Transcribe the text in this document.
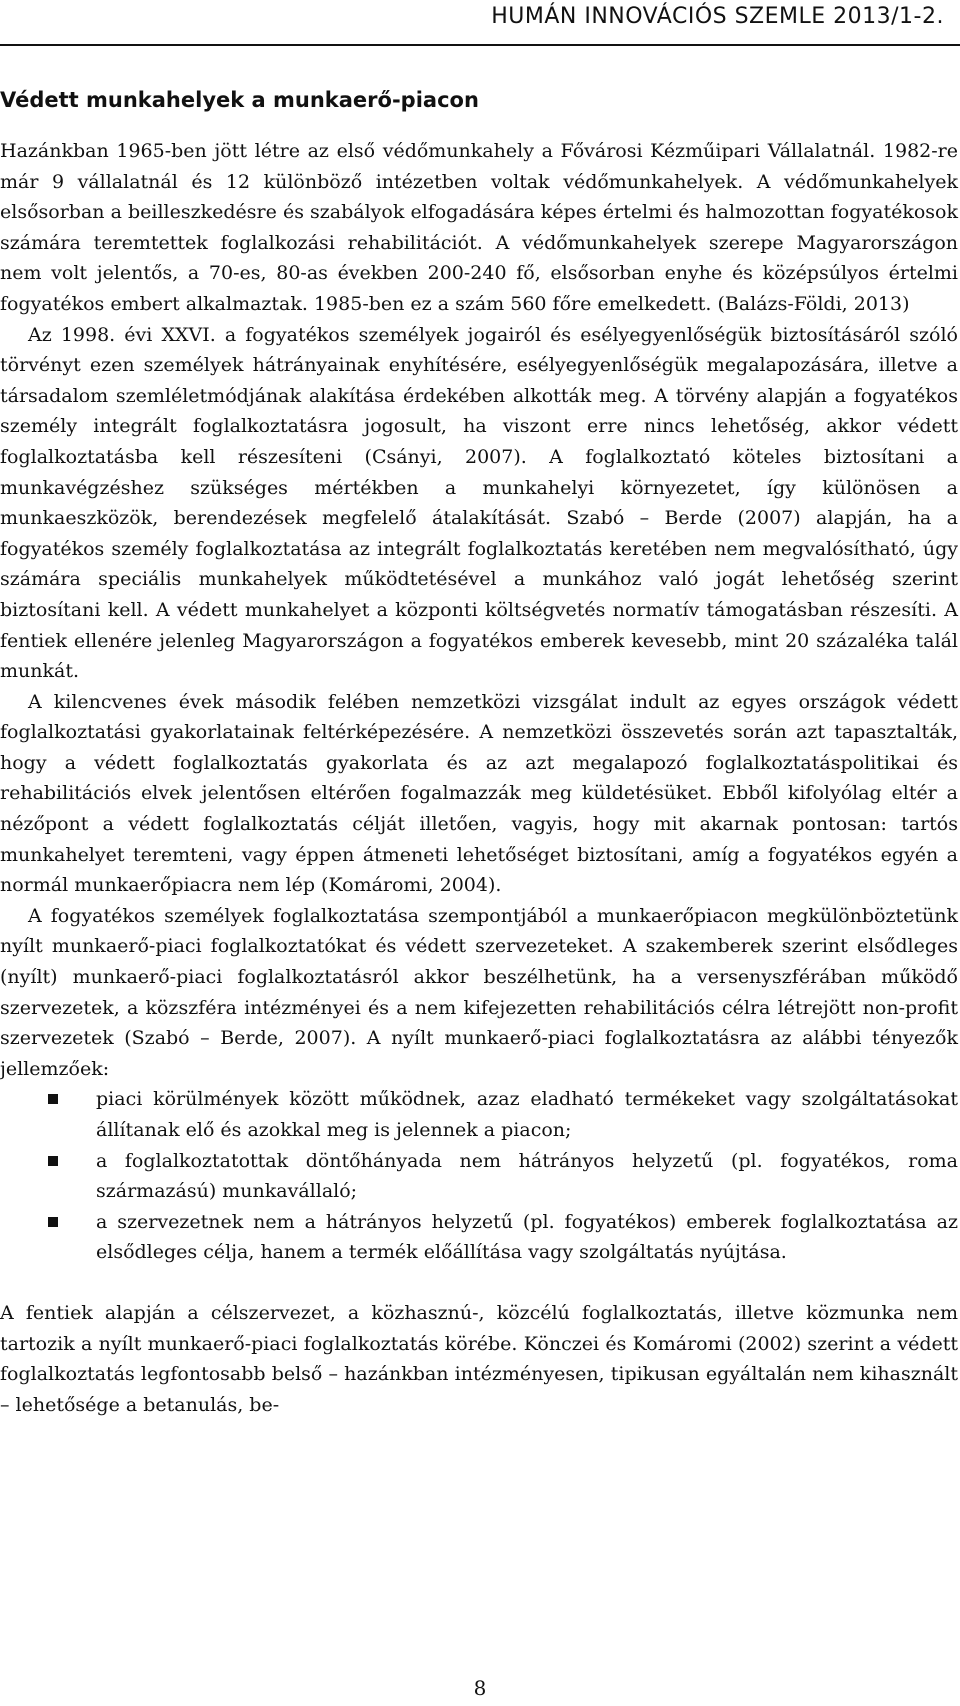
HUMÁN INNOVÁCIÓS SZEMLE 2013/1-2.
Védett munkahelyek a munkaerő-piacon

Hazánkban 1965-ben jött létre az első védőmunkahely a Fővárosi Kézműipari Vállalatnál. 1982-re már 9 vállalatnál és 12 különböző intézetben voltak védőmunkahelyek. A védőmunkahelyek elsősorban a beilleszkedésre és szabályok elfogadására képes értelmi és halmozottan fogyatékosok számára teremtettek foglalkozási rehabilitációt. A védőmunkahelyek szerepe Magyarországon nem volt jelentős, a 70-es, 80-as években 200-240 fő, elsősorban enyhe és középsúlyos értelmi fogyatékos embert alkalmaztak. 1985-ben ez a szám 560 főre emelkedett. (Balázs-Földi, 2013)

Az 1998. évi XXVI. a fogyatékos személyek jogairól és esélyegyenlőségük biztosításáról szóló törvényt ezen személyek hátrányainak enyhítésére, esélyegyenlőségük megalapozására, illetve a társadalom szemléletmódjának alakítása érdekében alkották meg. A törvény alapján a fogyatékos személy integrált foglalkoztatásra jogosult, ha viszont erre nincs lehetőség, akkor védett foglalkoztatásba kell részesíteni (Csányi, 2007). A foglalkoztató köteles biztosítani a munkavégzéshez szükséges mértékben a munkahelyi környezetet, így különösen a munkaeszközök, berendezések megfelelő átalakítását. Szabó – Berde (2007) alapján, ha a fogyatékos személy foglalkoztatása az integrált foglalkoztatás keretében nem megvalósítható, úgy számára speciális munkahelyek működtetésével a munkához való jogát lehetőség szerint biztosítani kell. A védett munkahelyet a központi költségvetés normatív támogatásban részesíti. A fentiek ellenére jelenleg Magyarországon a fogyatékos emberek kevesebb, mint 20 százaléka talál munkát.

A kilencvenes évek második felében nemzetközi vizsgálat indult az egyes országok védett foglalkoztatási gyakorlatainak feltérképezésére. A nemzetközi összevetés során azt tapasztalták, hogy a védett foglalkoztatás gyakorlata és az azt megalapozó foglalkoztatáspolitikai és rehabilitációs elvek jelentősen eltérően fogalmazzák meg küldetésüket. Ebből kifolyólag eltér a nézőpont a védett foglalkoztatás célját illetően, vagyis, hogy mit akarnak pontosan: tartós munkahelyet teremteni, vagy éppen átmeneti lehetőséget biztosítani, amíg a fogyatékos egyén a normál munkaerőpiacra nem lép (Komáromi, 2004).

A fogyatékos személyek foglalkoztatása szempontjából a munkaerőpiacon megkülönböztetünk nyílt munkaerő-piaci foglalkoztatókat és védett szervezeteket. A szakemberek szerint elsődleges (nyílt) munkaerő-piaci foglalkoztatásról akkor beszélhetünk, ha a versenyszférában működő szervezetek, a közszféra intézményei és a nem kifejezetten rehabilitációs célra létrejött non-profit szervezetek (Szabó – Berde, 2007). A nyílt munkaerő-piaci foglalkoztatásra az alábbi tényezők jellemzőek:

piaci körülmények között működnek, azaz eladható termékeket vagy szolgáltatásokat állítanak elő és azokkal meg is jelennek a piacon;
a foglalkoztatottak döntőhányada nem hátrányos helyzetű (pl. fogyatékos, roma származású) munkavállaló;
a szervezetnek nem a hátrányos helyzetű (pl. fogyatékos) emberek foglalkoztatása az elsődleges célja, hanem a termék előállítása vagy szolgáltatás nyújtása.

A fentiek alapján a célszervezet, a közhasznú-, közcélú foglalkoztatás, illetve közmunka nem tartozik a nyílt munkaerő-piaci foglalkoztatás körébe. Könczei és Komáromi (2002) szerint a védett foglalkoztatás legfontosabb belső – hazánkban intézményesen, tipikusan egyáltalán nem kihasznált – lehetősége a betanulás, be-

8
